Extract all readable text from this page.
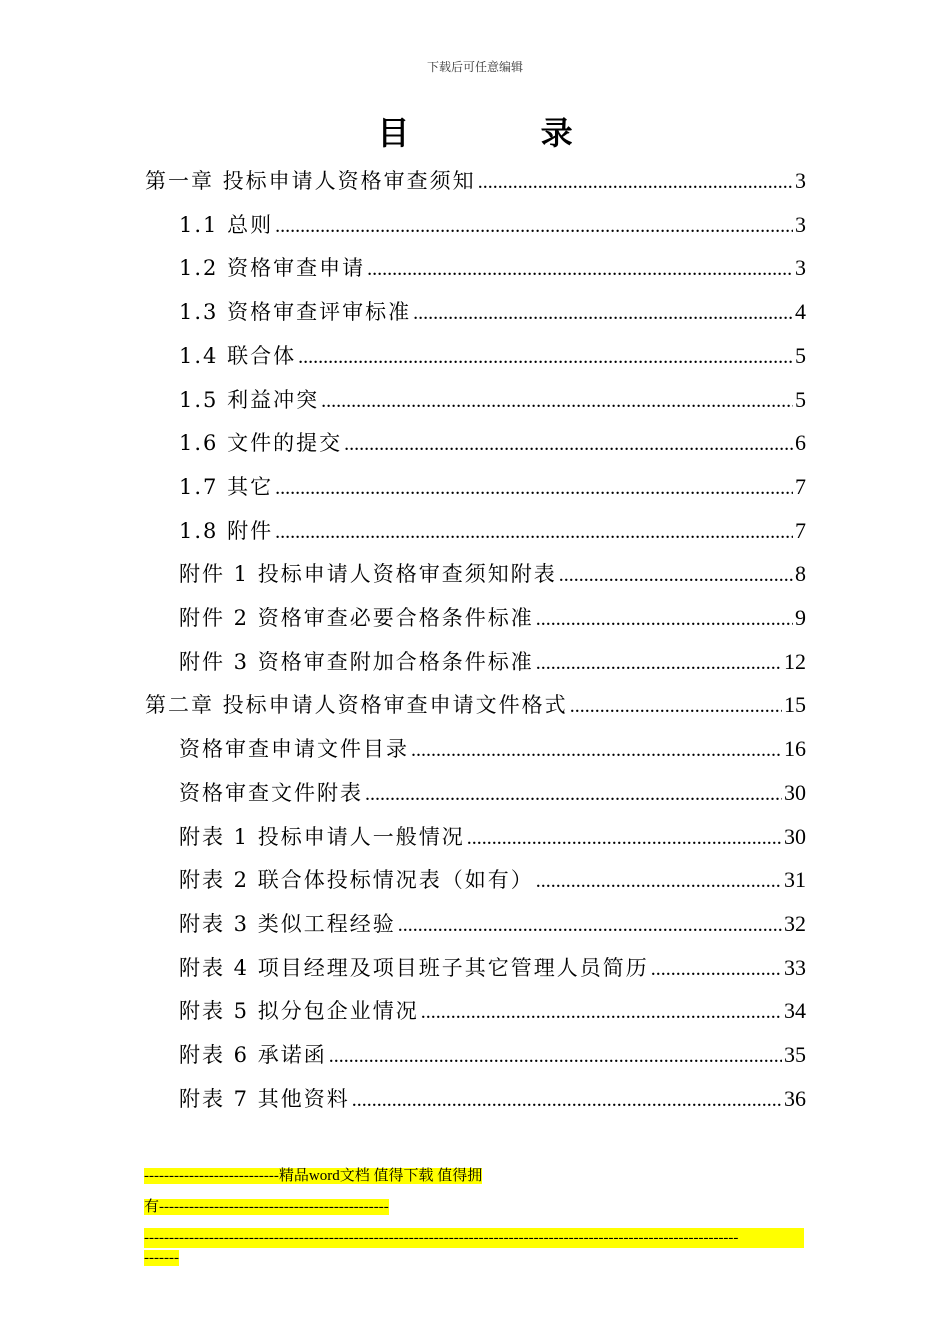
下载后可任意编辑
目 录
第一章 投标申请人资格审查须知 .....	3
1.1 总则 .....	3
1.2 资格审查申请 .....	3
1.3 资格审查评审标准 .....	4
1.4 联合体 .....	5
1.5 利益冲突 .....	5
1.6 文件的提交 .....	6
1.7 其它 .....	7
1.8 附件 .....	7
附件 1 投标申请人资格审查须知附表 .....	8
附件 2 资格审查必要合格条件标准 .....	9
附件 3 资格审查附加合格条件标准 .....	12
第二章 投标申请人资格审查申请文件格式 .....	15
资格审查申请文件目录 .....	16
资格审查文件附表 .....	30
附表 1 投标申请人一般情况 .....	30
附表 2 联合体投标情况表（如有） .....	31
附表 3 类似工程经验 .....	32
附表 4 项目经理及项目班子其它管理人员简历 .....	33
附表 5 拟分包企业情况 .....	34
附表 6 承诺函 .....	35
附表 7 其他资料 .....	36
---------------------------精品word文档 值得下载 值得拥
有----------------------------------------------
-----------------------------------------------------------------------------------------------------------------------
-------
